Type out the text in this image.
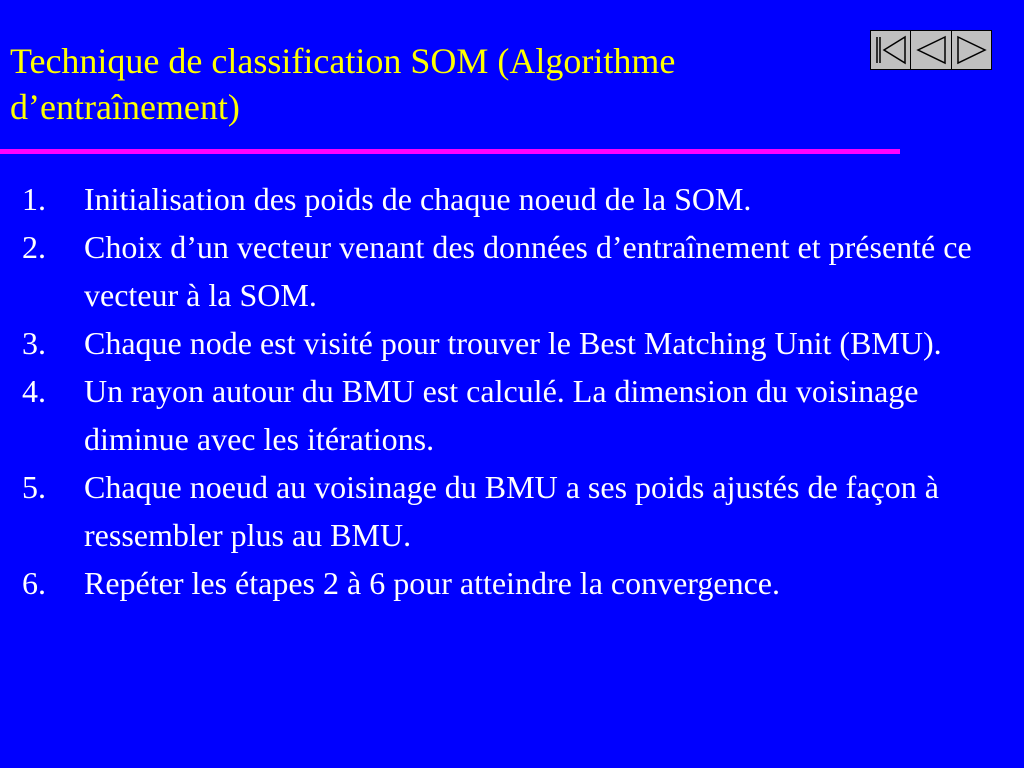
Technique de classification SOM (Algorithme d’entraînement)
1. Initialisation des poids de chaque noeud de la SOM.
2. Choix d’un vecteur venant des données d’entraînement et présenté ce vecteur à la SOM.
3. Chaque node est visité pour trouver le Best Matching Unit (BMU).
4. Un rayon autour du BMU est calculé. La dimension du voisinage diminue avec les itérations.
5. Chaque noeud au voisinage du BMU a ses poids ajustés de façon à ressembler plus au BMU.
6. Repéter les étapes 2 à 6 pour atteindre la convergence.
